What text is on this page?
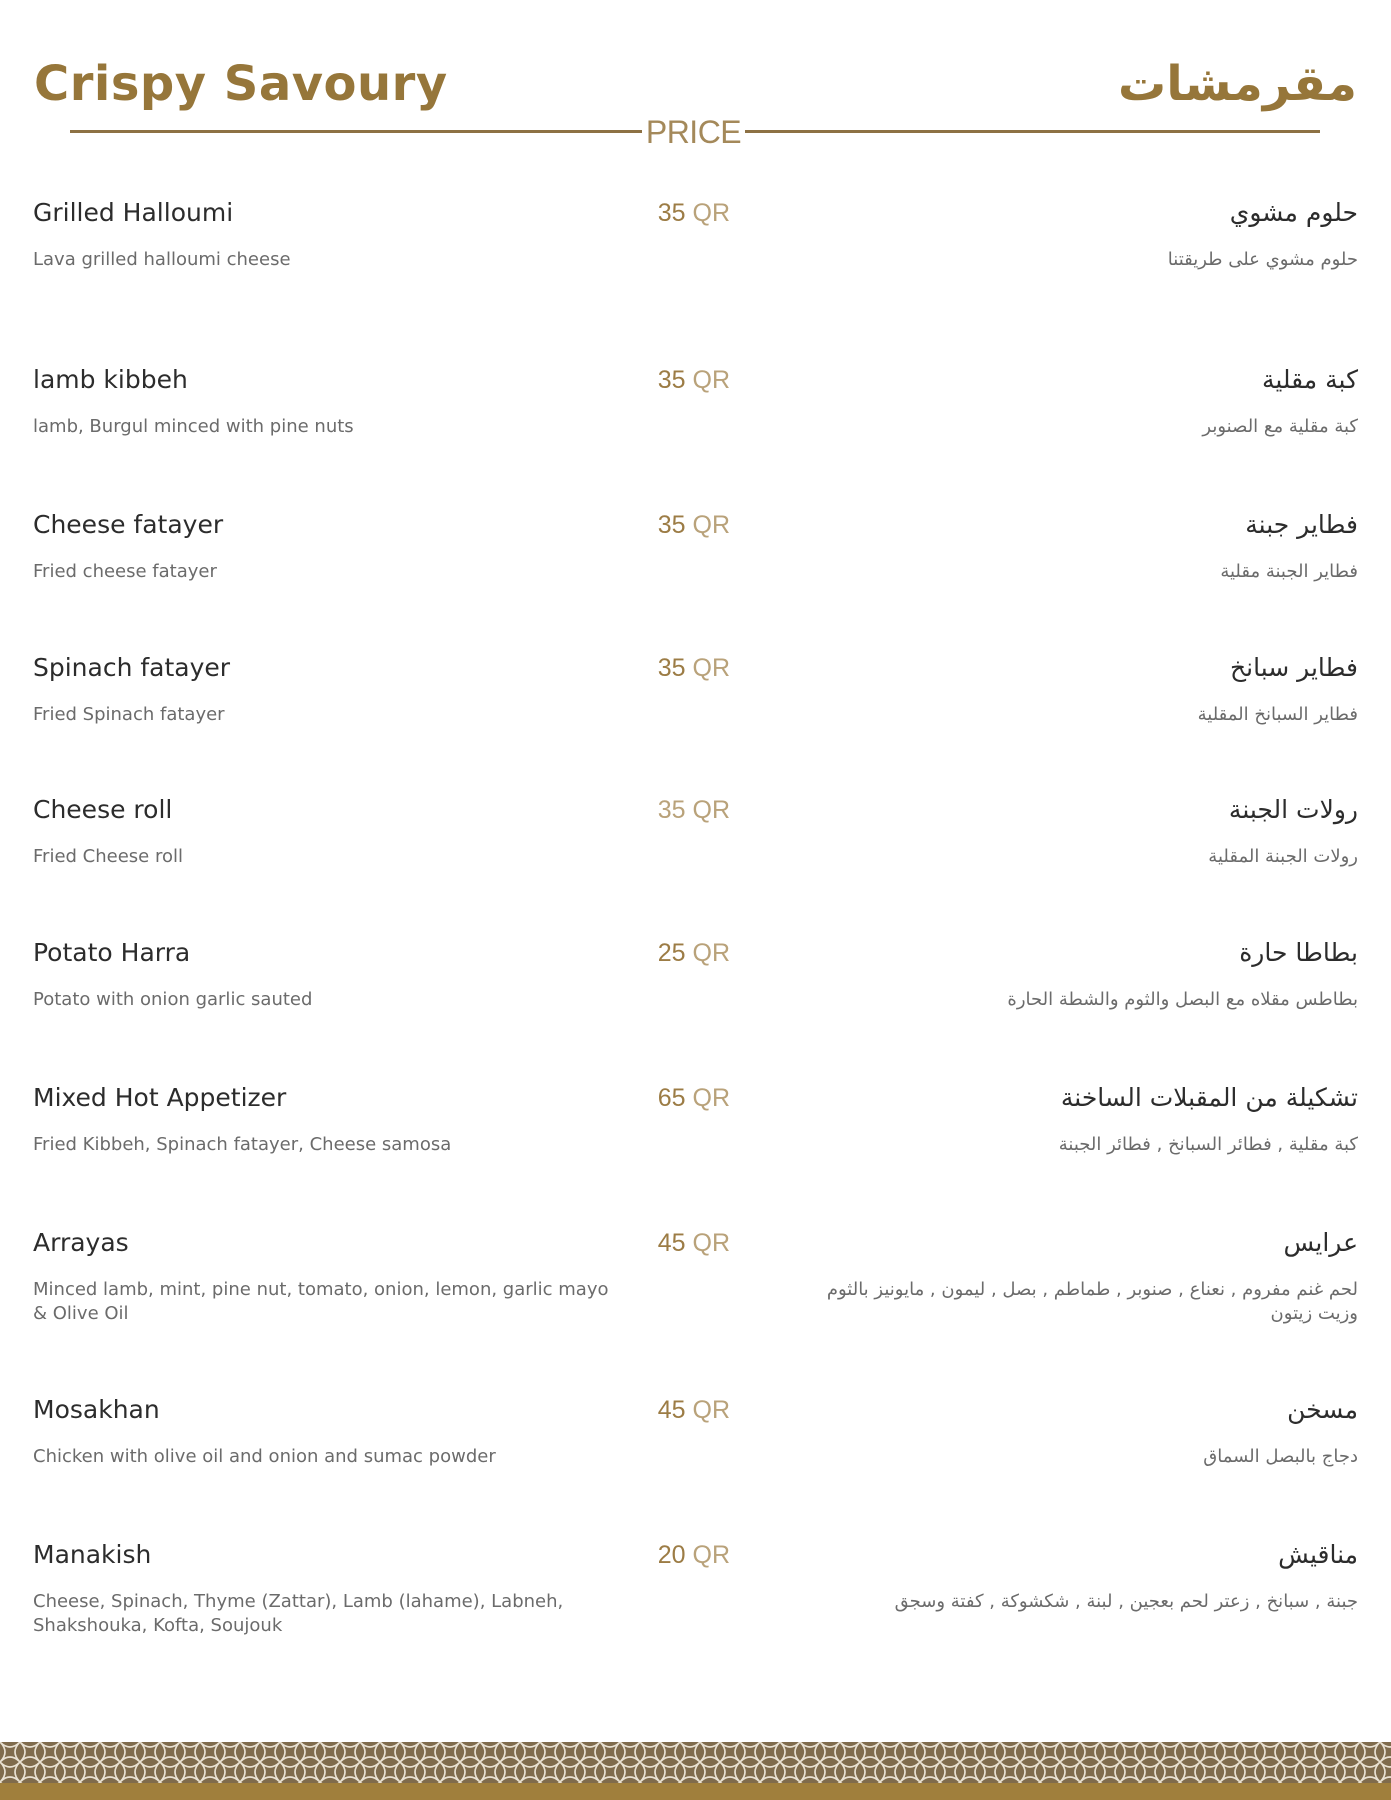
Crispy Savoury	مقرمشات
PRICE
Grilled Halloumi	35 QR	حلوم مشوي
Lava grilled halloumi cheese	حلوم مشوي على طريقتنا
lamb kibbeh	35 QR	كبة مقلية
lamb, Burgul minced with pine nuts	كبة مقلية مع الصنوبر
Cheese fatayer	35 QR	فطاير جبنة
Fried cheese fatayer	فطاير الجبنة مقلية
Spinach fatayer	35 QR	فطاير سبانخ
Fried Spinach fatayer	فطاير السبانخ المقلية
Cheese roll	35 QR	رولات الجبنة
Fried Cheese roll	رولات الجبنة المقلية
Potato Harra	25 QR	بطاطا حارة
Potato with onion garlic sauted	بطاطس مقلاه مع البصل والثوم والشطة الحارة
Mixed Hot Appetizer	65 QR	تشكيلة من المقبلات الساخنة
Fried Kibbeh, Spinach fatayer, Cheese samosa	كبة مقلية , فطائر السبانخ , فطائر الجبنة
Arrayas	45 QR	عرايس
Minced lamb, mint, pine nut, tomato, onion, lemon, garlic mayo & Olive Oil
لحم غنم مفروم , نعناع , صنوبر , طماطم , بصل , ليمون , مايونيز بالثوم وزيت زيتون
Mosakhan	45 QR	مسخن
Chicken with olive oil and onion and sumac powder	دجاج بالبصل السماق
Manakish	20 QR	مناقيش
Cheese, Spinach, Thyme (Zattar), Lamb (lahame), Labneh, Shakshouka, Kofta, Soujouk
جبنة , سبانخ , زعتر لحم بعجين , لبنة , شكشوكة , كفتة وسجق
